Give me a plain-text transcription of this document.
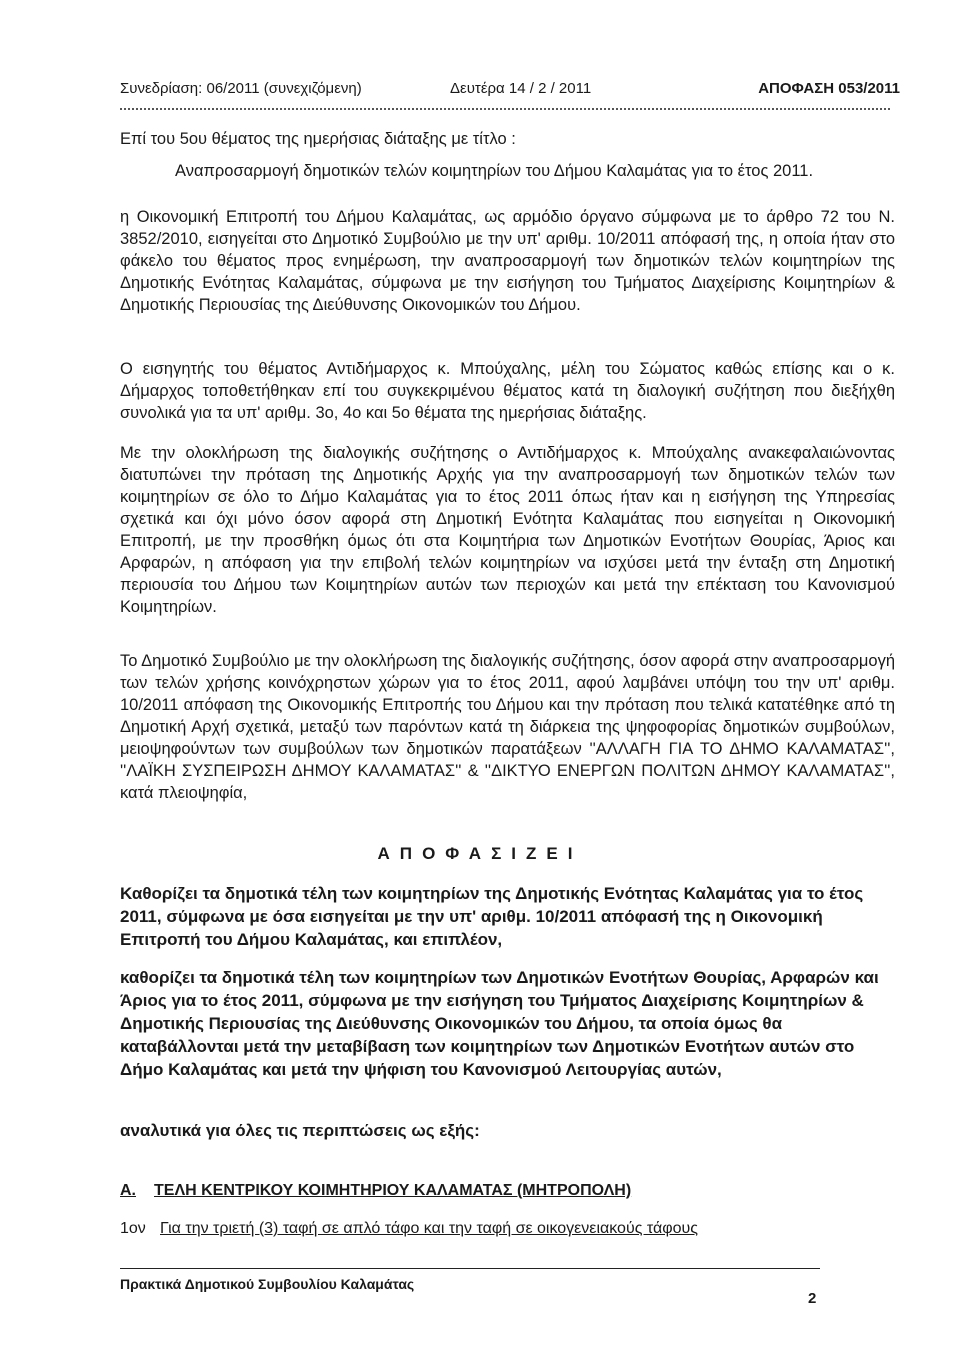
Συνεδρίαση: 06/2011 (συνεχιζόμενη)	Δευτέρα 14 / 2 / 2011	ΑΠΟΦΑΣΗ 053/2011

Επί του 5ου θέματος της ημερήσιας διάταξης με τίτλο :

Αναπροσαρμογή δημοτικών τελών κοιμητηρίων του Δήμου Καλαμάτας για το έτος 2011.

η Οικονομική Επιτροπή του Δήμου Καλαμάτας, ως αρμόδιο όργανο σύμφωνα με το άρθρο 72 του Ν. 3852/2010, εισηγείται στο Δημοτικό Συμβούλιο με την υπ' αριθμ. 10/2011 απόφασή της, η οποία ήταν στο φάκελο του θέματος προς ενημέρωση, την αναπροσαρμογή των δημοτικών τελών κοιμητηρίων της Δημοτικής Ενότητας Καλαμάτας, σύμφωνα με την εισήγηση του Τμήματος Διαχείρισης Κοιμητηρίων & Δημοτικής Περιουσίας της Διεύθυνσης Οικονομικών του Δήμου.

Ο εισηγητής του θέματος Αντιδήμαρχος κ. Μπούχαλης, μέλη του Σώματος καθώς επίσης και ο κ. Δήμαρχος τοποθετήθηκαν επί του συγκεκριμένου θέματος κατά τη διαλογική συζήτηση που διεξήχθη συνολικά για τα υπ' αριθμ. 3ο, 4ο και 5ο θέματα της ημερήσιας διάταξης.

Με την ολοκλήρωση της διαλογικής συζήτησης ο Αντιδήμαρχος κ. Μπούχαλης ανακεφαλαιώνοντας διατυπώνει την πρόταση της Δημοτικής Αρχής για την αναπροσαρμογή των δημοτικών τελών των κοιμητηρίων σε όλο το Δήμο Καλαμάτας για το έτος 2011 όπως ήταν και η εισήγηση της Υπηρεσίας σχετικά και όχι μόνο όσον αφορά στη Δημοτική Ενότητα Καλαμάτας που εισηγείται η Οικονομική Επιτροπή, με την προσθήκη όμως ότι στα Κοιμητήρια των Δημοτικών Ενοτήτων Θουρίας, Άριος και Αρφαρών, η απόφαση για την επιβολή τελών κοιμητηρίων να ισχύσει μετά την ένταξη στη Δημοτική περιουσία του Δήμου των Κοιμητηρίων αυτών των περιοχών και μετά την επέκταση του Κανονισμού Κοιμητηρίων.

Το Δημοτικό Συμβούλιο με την ολοκλήρωση της διαλογικής συζήτησης, όσον αφορά στην αναπροσαρμογή των τελών χρήσης κοινόχρηστων χώρων για το έτος 2011, αφού λαμβάνει υπόψη του την υπ' αριθμ. 10/2011 απόφαση της Οικονομικής Επιτροπής του Δήμου και την πρόταση που τελικά κατατέθηκε από τη Δημοτική Αρχή σχετικά, μεταξύ των παρόντων κατά τη διάρκεια της ψηφοφορίας δημοτικών συμβούλων, μειοψηφούντων των συμβούλων των δημοτικών παρατάξεων ''ΑΛΛΑΓΗ ΓΙΑ ΤΟ ΔΗΜΟ ΚΑΛΑΜΑΤΑΣ'', ''ΛΑΪΚΗ ΣΥΣΠΕΙΡΩΣΗ ΔΗΜΟΥ ΚΑΛΑΜΑΤΑΣ'' & ''ΔΙΚΤΥΟ ΕΝΕΡΓΩΝ ΠΟΛΙΤΩΝ ΔΗΜΟΥ ΚΑΛΑΜΑΤΑΣ'', κατά πλειοψηφία,

ΑΠΟΦΑΣΙΖΕΙ

Καθορίζει τα δημοτικά τέλη των κοιμητηρίων της Δημοτικής Ενότητας Καλαμάτας για το έτος 2011, σύμφωνα με όσα εισηγείται με την υπ' αριθμ. 10/2011 απόφασή της η Οικονομική Επιτροπή του Δήμου Καλαμάτας, και επιπλέον,

καθορίζει τα δημοτικά τέλη των κοιμητηρίων των Δημοτικών Ενοτήτων Θουρίας, Αρφαρών και Άριος για το έτος 2011, σύμφωνα με την εισήγηση του Τμήματος Διαχείρισης Κοιμητηρίων & Δημοτικής Περιουσίας της Διεύθυνσης Οικονομικών του Δήμου, τα οποία όμως θα καταβάλλονται μετά την μεταβίβαση των κοιμητηρίων των Δημοτικών Ενοτήτων αυτών στο Δήμο Καλαμάτας και μετά την ψήφιση του Κανονισμού Λειτουργίας αυτών,

αναλυτικά για όλες τις περιπτώσεις ως εξής:

Α. ΤΕΛΗ ΚΕΝΤΡΙΚΟΥ ΚΟΙΜΗΤΗΡΙΟΥ ΚΑΛΑΜΑΤΑΣ (ΜΗΤΡΟΠΟΛΗ)
1ον Για την τριετή (3) ταφή σε απλό τάφο και την ταφή σε οικογενειακούς τάφους
Πρακτικά Δημοτικού Συμβουλίου Καλαμάτας
2
